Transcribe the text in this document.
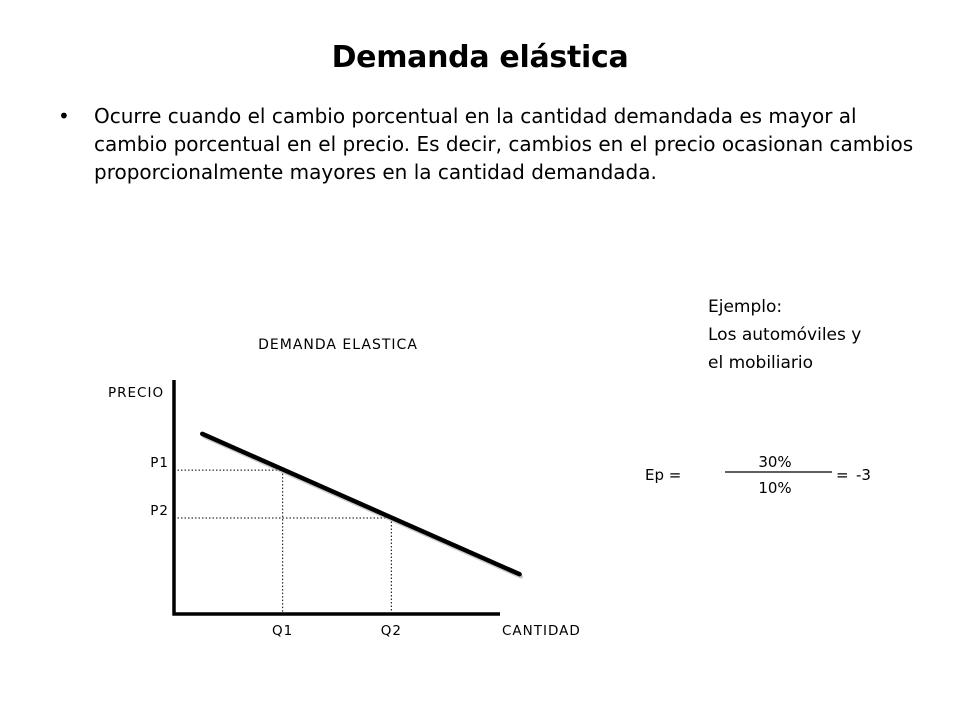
Demanda elástica
• Ocurre cuando el cambio porcentual en la cantidad demandada es mayor al cambio porcentual en el precio. Es decir, cambios en el precio ocasionan cambios proporcionalmente mayores en la cantidad demandada.
Ejemplo:
Los automóviles y
el mobiliario
Ep =
30%
10%
= -3
DEMANDA ELASTICA
PRECIO
CANTIDAD
P1
Q1
P2
Q2
